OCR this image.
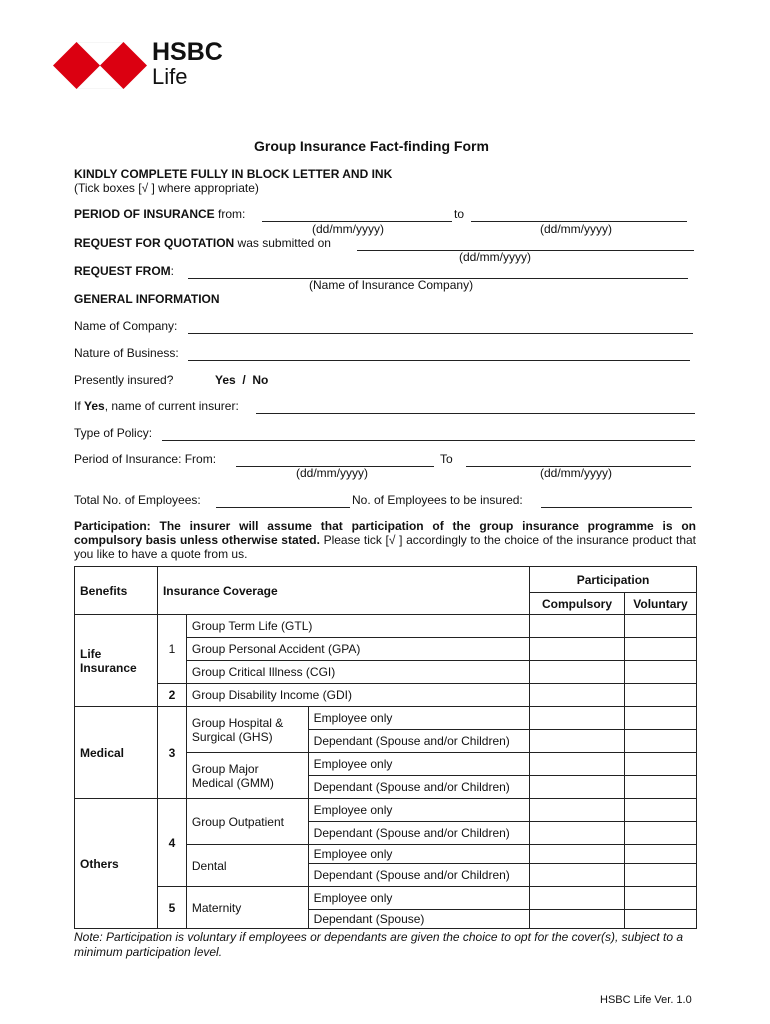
HSBC
Life
Group Insurance Fact-finding Form
KINDLY COMPLETE FULLY IN BLOCK LETTER AND INK
(Tick boxes [√ ] where appropriate)
PERIOD OF INSURANCE from:	to
(dd/mm/yyyy)	(dd/mm/yyyy)
REQUEST FOR QUOTATION was submitted on
(dd/mm/yyyy)
REQUEST FROM:
(Name of Insurance Company)
GENERAL INFORMATION
Name of Company:
Nature of Business:
Presently insured?	Yes  /  No
If Yes, name of current insurer:
Type of Policy:
Period of Insurance: From:	To
(dd/mm/yyyy)	(dd/mm/yyyy)
Total No. of Employees:	No. of Employees to be insured:
Participation: The insurer will assume that participation of the group insurance programme is on compulsory basis unless otherwise stated. Please tick [√ ] accordingly to the choice of the insurance product that you like to have a quote from us.
Benefits	Insurance Coverage			Participation	
				Compulsory	Voluntary
Life Insurance	1	Group Term Life (GTL)			
		Group Personal Accident (GPA)			
		Group Critical Illness (CGI)			
	2	Group Disability Income (GDI)			
Medical	3	Group Hospital & Surgical (GHS)	Employee only		
			Dependant (Spouse and/or Children)		
		Group Major Medical (GMM)	Employee only		
			Dependant (Spouse and/or Children)		
Others	4	Group Outpatient	Employee only		
			Dependant (Spouse and/or Children)		
		Dental	Employee only		
			Dependant (Spouse and/or Children)		
	5	Maternity	Employee only		
			Dependant (Spouse)		
Note: Participation is voluntary if employees or dependants are given the choice to opt for the cover(s), subject to a minimum participation level.
HSBC Life Ver. 1.0
